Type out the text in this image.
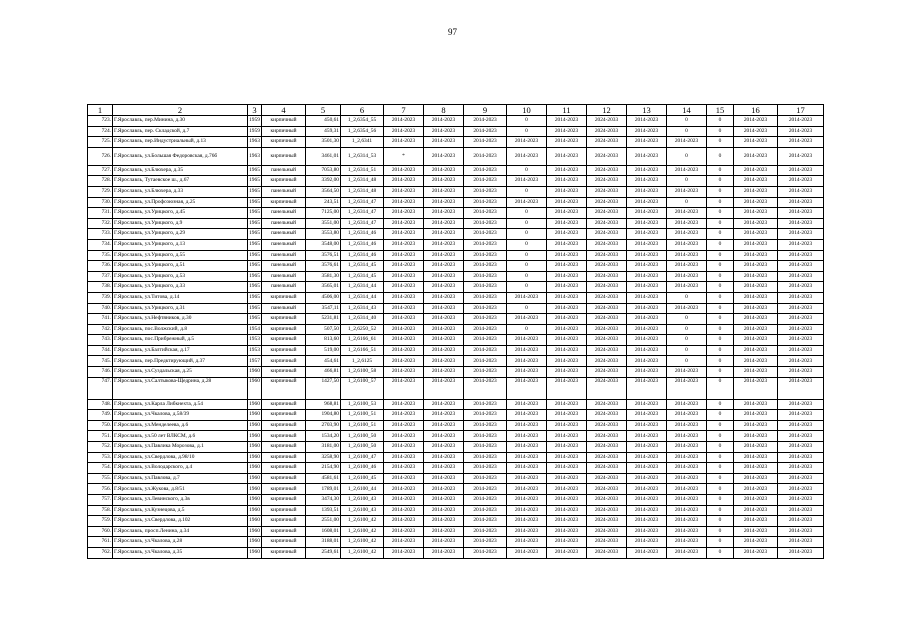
97
1	2	3	4	5	6	7	8	9	10	11	12	13	14	15	16	17
723.	Г.Ярославль, пер.Минина, д.30	1959	кирпичный	450,61	1_2,6354_55	2014-2023	2014-2023	2014-2023	0	2014-2023	2024-2033	2014-2023	0	0	2014-2023	2014-2023
724.	Г.Ярославль, пер. Складской, д.7	1959	кирпичный	459,31	1_2,6354_56	2014-2023	2014-2023	2014-2023	0	2014-2023	2024-2033	2014-2023	0	0	2014-2023	2014-2023
725.	Г.Ярославль, пер.Индустриальный, д.13	1963	кирпичный	3501,30	1_2,6341	2014-2023	2014-2023	2014-2023	2014-2023	2014-2023	2024-2033	2014-2023	2014-2023	0	2014-2023	2014-2023
726.	Г.Ярославль, ул.Большая Федоровская, д.76б	1963	кирпичный	3461,01	1_2,6314_53	*	2014-2023	2014-2023	2014-2023	2014-2023	2024-2033	2014-2023	0	0	2014-2023	2014-2023
727.	Г.Ярославль, ул.Блюхера, д.35	1965	панельный	7053,80	1_2,6314_51	2014-2023	2014-2023	2014-2023	0	2014-2023	2024-2033	2014-2023	2014-2023	0	2014-2023	2014-2023
728.	Г.Ярославль, Тутаевское ш., д.67	1965	кирпичный	3392,00	1_2,6314_48	2014-2023	2014-2023	2014-2023	2014-2023	2014-2023	2024-2033	2014-2023	0	0	2014-2023	2014-2023
729.	Г.Ярославль, ул.Блюхера, д.33	1965	панельный	3564,50	1_2,6314_48	2014-2023	2014-2023	2014-2023	0	2014-2023	2024-2033	2014-2023	2014-2023	0	2014-2023	2014-2023
730.	Г.Ярославль, ул.Профсоюзная, д.25	1965	кирпичный	243,51	1_2,6314_47	2014-2023	2014-2023	2014-2023	2014-2023	2014-2023	2024-2033	2014-2023	0	0	2014-2023	2014-2023
731.	Г.Ярославль, ул.Урицкого, д.45	1965	панельный	7125,00	1_2,6314_47	2014-2023	2014-2023	2014-2023	0	2014-2023	2024-2033	2014-2023	2014-2023	0	2014-2023	2014-2023
732.	Г.Ярославль, ул.Урицкого, д.9	1965	панельный	3551,00	1_2,6314_47	2014-2023	2014-2023	2014-2023	0	2014-2023	2024-2033	2014-2023	2014-2023	0	2014-2023	2014-2023
733.	Г.Ярославль, ул.Урицкого, д.29	1965	панельный	3553,80	1_2,6314_46	2014-2023	2014-2023	2014-2023	0	2014-2023	2024-2033	2014-2023	2014-2023	0	2014-2023	2014-2023
734.	Г.Ярославль, ул.Урицкого, д.13	1965	панельный	3548,00	1_2,6314_46	2014-2023	2014-2023	2014-2023	0	2014-2023	2024-2033	2014-2023	2014-2023	0	2014-2023	2014-2023
735.	Г.Ярославль, ул.Урицкого, д.55	1965	панельный	3576,51	1_2,6314_46	2014-2023	2014-2023	2014-2023	0	2014-2023	2024-2033	2014-2023	2014-2023	0	2014-2023	2014-2023
736.	Г.Ярославль, ул.Урицкого, д.51	1965	панельный	3576,61	1_2,6314_45	2014-2023	2014-2023	2014-2023	0	2014-2023	2024-2033	2014-2023	2014-2023	0	2014-2023	2014-2023
737.	Г.Ярославль, ул.Урицкого, д.53	1965	панельный	3581,30	1_2,6314_45	2014-2023	2014-2023	2014-2023	0	2014-2023	2024-2033	2014-2023	2014-2023	0	2014-2023	2014-2023
738.	Г.Ярославль, ул.Урицкого, д.33	1965	панельный	3565,01	1_2,6314_44	2014-2023	2014-2023	2014-2023	0	2014-2023	2024-2033	2014-2023	2014-2023	0	2014-2023	2014-2023
739.	Г.Ярославль, ул.Титова, д.14	1965	кирпичный	4506,00	1_2,6314_44	2014-2023	2014-2023	2014-2023	2014-2023	2014-2023	2024-2033	2014-2023	0	0	2014-2023	2014-2023
740.	Г.Ярославль, ул.Урицкого, д.31	1965	панельный	3547,11	1_2,6314_43	2014-2023	2014-2023	2014-2023	0	2014-2023	2024-2033	2014-2023	2014-2023	0	2014-2023	2014-2023
741.	Г.Ярославль, ул.Нефтяников, д.30	1965	кирпичный	5231,81	1_2,6314_40	2014-2023	2014-2023	2014-2023	2014-2023	2014-2023	2024-2033	2014-2023	0	0	2014-2023	2014-2023
742.	Г.Ярославль, пос.Волжский, д.8	1954	кирпичный	507,50	1_2,6250_52	2014-2023	2014-2023	2014-2023	0	2014-2023	2024-2033	2014-2023	0	0	2014-2023	2014-2023
743.	Г.Ярославль, пос.Прибрежный, д.5	1953	кирпичный	813,60	1_2,6166_61	2014-2023	2014-2023	2014-2023	2014-2023	2014-2023	2024-2033	2014-2023	0	0	2014-2023	2014-2023
744.	Г.Ярославль, ул.Балтийская, д.17	1953	кирпичный	519,00	1_2,6166_51	2014-2023	2014-2023	2014-2023	2014-2023	2014-2023	2024-2033	2014-2023	0	0	2014-2023	2014-2023
745.	Г.Ярославль, пер.Предктирующий, д.37	1957	кирпичный	454,61	1_2,6125	2014-2023	2014-2023	2014-2023	2014-2023	2014-2023	2024-2033	2014-2023	0	0	2014-2023	2014-2023
746.	Г.Ярославль, ул.Суздальская, д.25	1960	кирпичный	466,81	1_2,6100_58	2014-2023	2014-2023	2014-2023	2014-2023	2014-2023	2024-2033	2014-2023	2014-2023	0	2014-2023	2014-2023
747.	Г.Ярославль, ул.Салтыкова-Щедрина, д.28	1960	кирпичный	1427,50	1_2,6100_57	2014-2023	2014-2023	2014-2023	2014-2023	2014-2023	2024-2033	2014-2023	2014-2023	0	2014-2023	2014-2023
748.	Г.Ярославль, ул.Карла Либкнехта, д.54	1960	кирпичный	968,81	1_2,6100_53	2014-2023	2014-2023	2014-2023	2014-2023	2014-2023	2024-2033	2014-2023	2014-2023	0	2014-2023	2014-2023
749.	Г.Ярославль, ул.Чкалова, д.58/39	1960	кирпичный	1904,80	1_2,6100_51	2014-2023	2014-2023	2014-2023	2014-2023	2014-2023	2024-2033	2014-2023	2014-2023	0	2014-2023	2014-2023
750.	Г.Ярославль, ул.Менделеева, д.6	1960	кирпичный	2703,90	1_2,6100_51	2014-2023	2014-2023	2014-2023	2014-2023	2014-2023	2024-2033	2014-2023	2014-2023	0	2014-2023	2014-2023
751.	Г.Ярославль, ул.50 лет ВЛКСМ, д.6	1960	кирпичный	1534,20	1_2,6100_50	2014-2023	2014-2023	2014-2023	2014-2023	2014-2023	2024-2033	2014-2023	2014-2023	0	2014-2023	2014-2023
752.	Г.Ярославль, ул.Павлика Морозова, д.1	1960	кирпичный	3181,00	1_2,6100_50	2014-2023	2014-2023	2014-2023	2014-2023	2014-2023	2024-2033	2014-2023	2014-2023	0	2014-2023	2014-2023
753.	Г.Ярославль, ул.Свердлова, д.98/10	1960	кирпичный	3258,90	1_2,6100_47	2014-2023	2014-2023	2014-2023	2014-2023	2014-2023	2024-2033	2014-2023	2014-2023	0	2014-2023	2014-2023
754.	Г.Ярославль, ул.Володарского, д.4	1960	кирпичный	2154,90	1_2,6100_46	2014-2023	2014-2023	2014-2023	2014-2023	2014-2023	2024-2033	2014-2023	2014-2023	0	2014-2023	2014-2023
755.	Г.Ярославль, ул.Павлова, д.7	1960	кирпичный	4581,61	1_2,6100_45	2014-2023	2014-2023	2014-2023	2014-2023	2014-2023	2024-2033	2014-2023	2014-2023	0	2014-2023	2014-2023
756.	Г.Ярославль, ул.Жукова, д.8/51	1960	кирпичный	1789,01	1_2,6100_44	2014-2023	2014-2023	2014-2023	2014-2023	2014-2023	2024-2033	2014-2023	2014-2023	0	2014-2023	2014-2023
757.	Г.Ярославль, ул.Левинского, д.3в	1960	кирпичный	3474,30	1_2,6100_43	2014-2023	2014-2023	2014-2023	2014-2023	2014-2023	2024-2033	2014-2023	2014-2023	0	2014-2023	2014-2023
758.	Г.Ярославль, ул.Кузнецова, д.5	1960	кирпичный	1393,51	1_2,6100_43	2014-2023	2014-2023	2014-2023	2014-2023	2014-2023	2024-2033	2014-2023	2014-2023	0	2014-2023	2014-2023
759.	Г.Ярославль, ул.Свердлова, д.102	1960	кирпичный	2551,00	1_2,6100_42	2014-2023	2014-2023	2014-2023	2014-2023	2014-2023	2024-2033	2014-2023	2014-2023	0	2014-2023	2014-2023
760.	Г.Ярославль, просп.Ленина, д.34	1960	кирпичный	1608,01	1_2,6100_42	2014-2023	2014-2023	2014-2023	2014-2023	2014-2023	2024-2033	2014-2023	2014-2023	0	2014-2023	2014-2023
761.	Г.Ярославль, ул.Чкалова, д.28	1960	кирпичный	3188,01	1_2,6100_42	2014-2023	2014-2023	2014-2023	2014-2023	2014-2023	2024-2033	2014-2023	2014-2023	0	2014-2023	2014-2023
762.	Г.Ярославль, ул.Чкалова, д.35	1960	кирпичный	2549,61	1_2,6100_42	2014-2023	2014-2023	2014-2023	2014-2023	2014-2023	2024-2033	2014-2023	2014-2023	0	2014-2023	2014-2023
